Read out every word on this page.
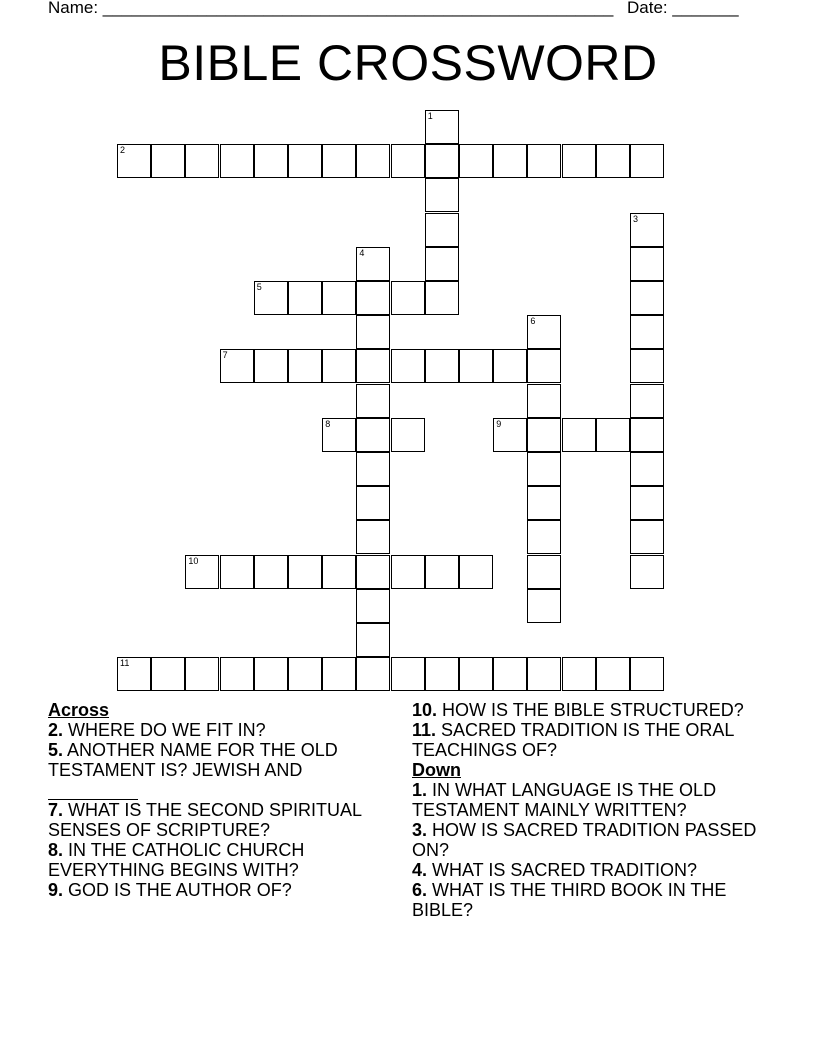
Name: ______________________________________________________ Date: _______
BIBLE CROSSWORD
1
2
3
4
5
6
7
8	9
10
11
Across
2. WHERE DO WE FIT IN?
5. ANOTHER NAME FOR THE OLD TESTAMENT IS? JEWISH AND

7. WHAT IS THE SECOND SPIRITUAL SENSES OF SCRIPTURE?
8. IN THE CATHOLIC CHURCH EVERYTHING BEGINS WITH?
9. GOD IS THE AUTHOR OF?
10. HOW IS THE BIBLE STRUCTURED?
11. SACRED TRADITION IS THE ORAL TEACHINGS OF?
Down
1. IN WHAT LANGUAGE IS THE OLD TESTAMENT MAINLY WRITTEN?
3. HOW IS SACRED TRADITION PASSED ON?
4. WHAT IS SACRED TRADITION?
6. WHAT IS THE THIRD BOOK IN THE BIBLE?
